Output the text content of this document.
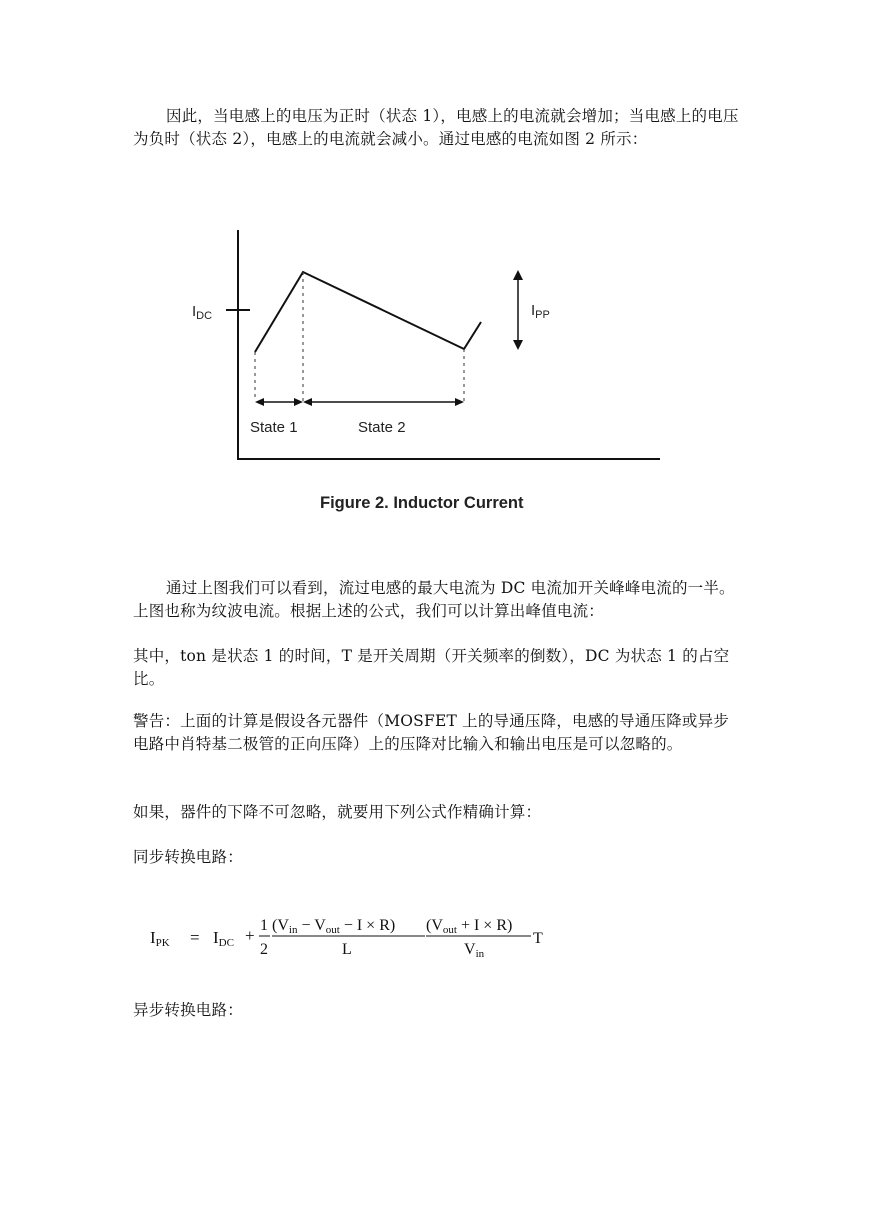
因此，当电感上的电压为正时（状态 1），电感上的电流就会增加；当电感上的电压为负时（状态 2），电感上的电流就会减小。通过电感的电流如图 2 所示：

$I_{DC}$
State 1	State 2
$I_{PP}$
Figure 2. Inductor Current

通过上图我们可以看到，流过电感的最大电流为 DC 电流加开关峰峰电流的一半。上图也称为纹波电流。根据上述的公式，我们可以计算出峰值电流：

其中，ton 是状态 1 的时间，T 是开关周期（开关频率的倒数），DC 为状态 1 的占空比。

警告：上面的计算是假设各元器件（MOSFET 上的导通压降，电感的导通压降或异步电路中肖特基二极管的正向压降）上的压降对比输入和输出电压是可以忽略的。

如果，器件的下降不可忽略，就要用下列公式作精确计算：

同步转换电路：

IPK = IDC +
1
2
(Vin − Vout − I × R)
L
(Vout + I × R)
Vin
T

异步转换电路：
